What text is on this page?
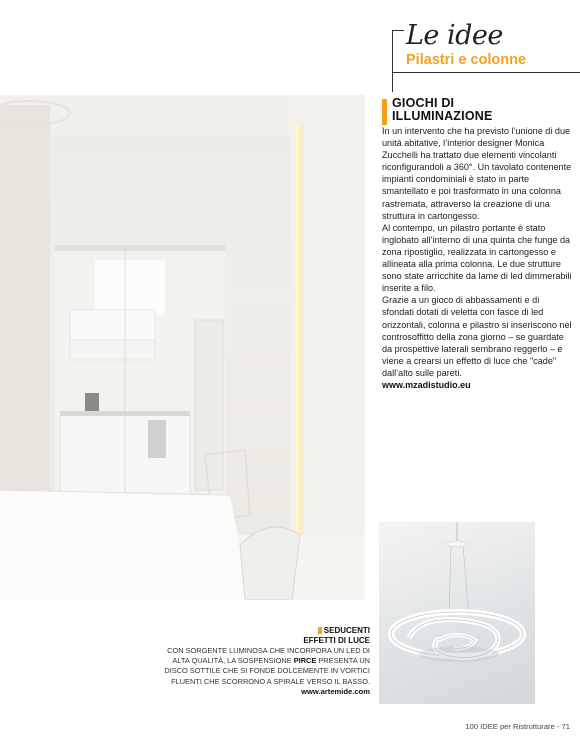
Le idee
Pilastri e colonne
GIOCHI DI
ILLUMINAZIONE

In un intervento che ha previsto l’unione di due unità abitative, l’interior designer Monica Zucchelli ha trattato due elementi vincolanti riconfigurandoli a 360°. Un tavolato contenente impianti condominiali è stato in parte smantellato e poi trasformato in una colonna rastremata, attraverso la creazione di una struttura in cartongesso.

Al contempo, un pilastro portante è stato inglobato all’interno di una quinta che funge da zona ripostiglio, realizzata in cartongesso e allineata alla prima colonna. Le due strutture sono state arricchite da lame di led dimmerabili inserite a filo.

Grazie a un gioco di abbassamenti e di sfondati dotati di veletta con fasce di led orizzontali, colonna e pilastro si inseriscono nel controsoffitto della zona giorno – se guardate da prospettive laterali sembrano reggerlo – e viene a crearsi un effetto di luce che "cade" dall’alto sulle pareti.

www.mzadistudio.eu
SEDUCENTI
EFFETTI DI LUCE
CON SORGENTE LUMINOSA CHE INCORPORA UN LED DI ALTA QUALITÀ, LA SOSPENSIONE PIRCE PRESENTA UN DISCO SOTTILE CHE SI FONDE DOLCEMENTE IN VORTICI FLUENTI CHE SCORRONO A SPIRALE VERSO IL BASSO.
www.artemide.com
100 IDEE per Ristrutturare - 71
